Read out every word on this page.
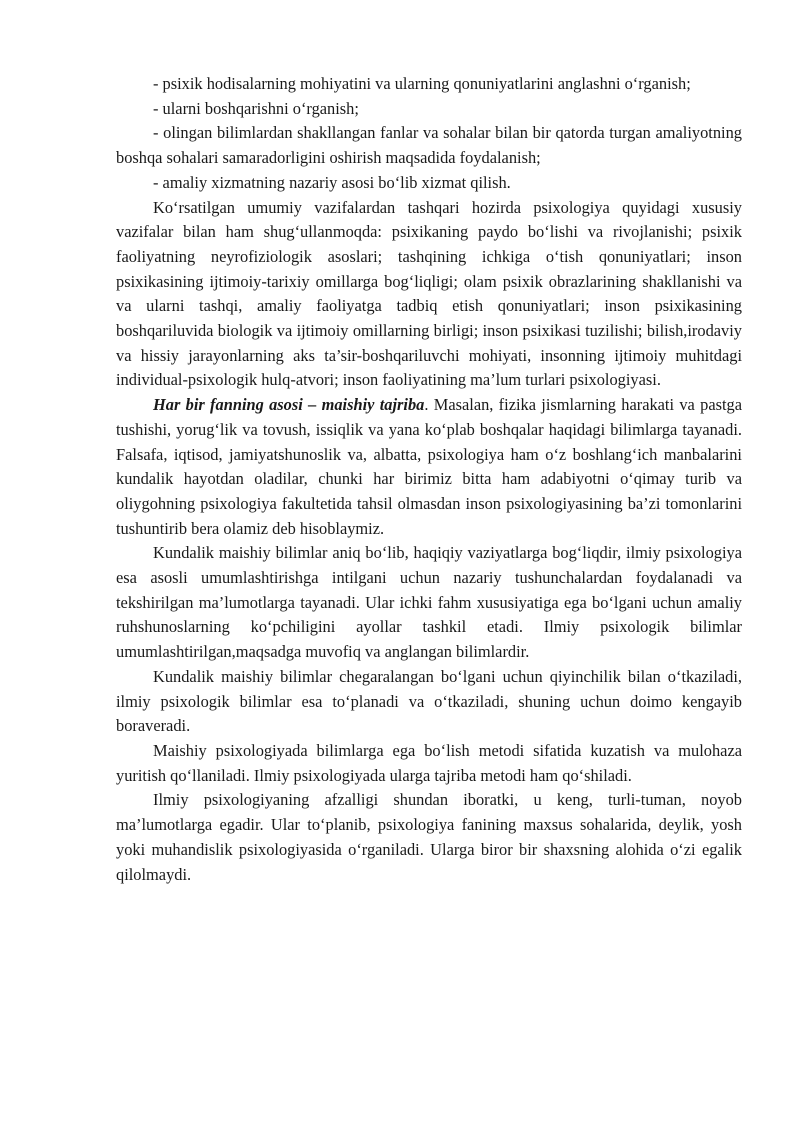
- psixik hodisalarning mohiyatini va ularning qonuniyatlarini anglashni o‘rganish;

- ularni boshqarishni o‘rganish;

- olingan bilimlardan shakllangan fanlar va sohalar bilan bir qatorda turgan amaliyotning boshqa sohalari samaradorligini oshirish maqsadida foydalanish;

- amaliy xizmatning nazariy asosi bo‘lib xizmat qilish.

Ko‘rsatilgan umumiy vazifalardan tashqari hozirda psixologiya quyidagi xususiy vazifalar bilan ham shug‘ullanmoqda: psixikaning paydo bo‘lishi va rivojlanishi; psixik faoliyatning neyrofiziologik asoslari; tashqining ichkiga o‘tish qonuniyatlari; inson psixikasining ijtimoiy-tarixiy omillarga bog‘liqligi; olam psixik obrazlarining shakllanishi va va ularni tashqi, amaliy faoliyatga tadbiq etish qonuniyatlari; inson psixikasining boshqariluvida biologik va ijtimoiy omillarning birligi; inson psixikasi tuzilishi; bilish,irodaviy va hissiy jarayonlarning aks ta’sir-boshqariluvchi mohiyati, insonning ijtimoiy muhitdagi individual-psixologik hulq-atvori; inson faoliyatining ma’lum turlari psixologiyasi.

Har bir fanning asosi – maishiy tajriba. Masalan, fizika jismlarning harakati va pastga tushishi, yorug‘lik va tovush, issiqlik va yana ko‘plab boshqalar haqidagi bilimlarga tayanadi. Falsafa, iqtisod, jamiyatshunoslik va, albatta, psixologiya ham o‘z boshlang‘ich manbalarini kundalik hayotdan oladilar, chunki har birimiz bitta ham adabiyotni o‘qimay turib va oliygohning psixologiya fakultetida tahsil olmasdan inson psixologiyasining ba’zi tomonlarini tushuntirib bera olamiz deb hisoblaymiz.

Kundalik maishiy bilimlar aniq bo‘lib, haqiqiy vaziyatlarga bog‘liqdir, ilmiy psixologiya esa asosli umumlashtirishga intilgani uchun nazariy tushunchalardan foydalanadi va tekshirilgan ma’lumotlarga tayanadi. Ular ichki fahm xususiyatiga ega bo‘lgani uchun amaliy ruhshunoslarning ko‘pchiligini ayollar tashkil etadi. Ilmiy psixologik bilimlar umumlashtirilgan,maqsadga muvofiq va anglangan bilimlardir.

Kundalik maishiy bilimlar chegaralangan bo‘lgani uchun qiyinchilik bilan o‘tkaziladi, ilmiy psixologik bilimlar esa to‘planadi va o‘tkaziladi, shuning uchun doimo kengayib boraveradi.

Maishiy psixologiyada bilimlarga ega bo‘lish metodi sifatida kuzatish va mulohaza yuritish qo‘llaniladi. Ilmiy psixologiyada ularga tajriba metodi ham qo‘shiladi.

Ilmiy psixologiyaning afzalligi shundan iboratki, u keng, turli-tuman, noyob ma’lumotlarga egadir. Ular to‘planib, psixologiya fanining maxsus sohalarida, deylik, yosh yoki muhandislik psixologiyasida o‘rganiladi. Ularga biror bir shaxsning alohida o‘zi egalik qilolmaydi.
